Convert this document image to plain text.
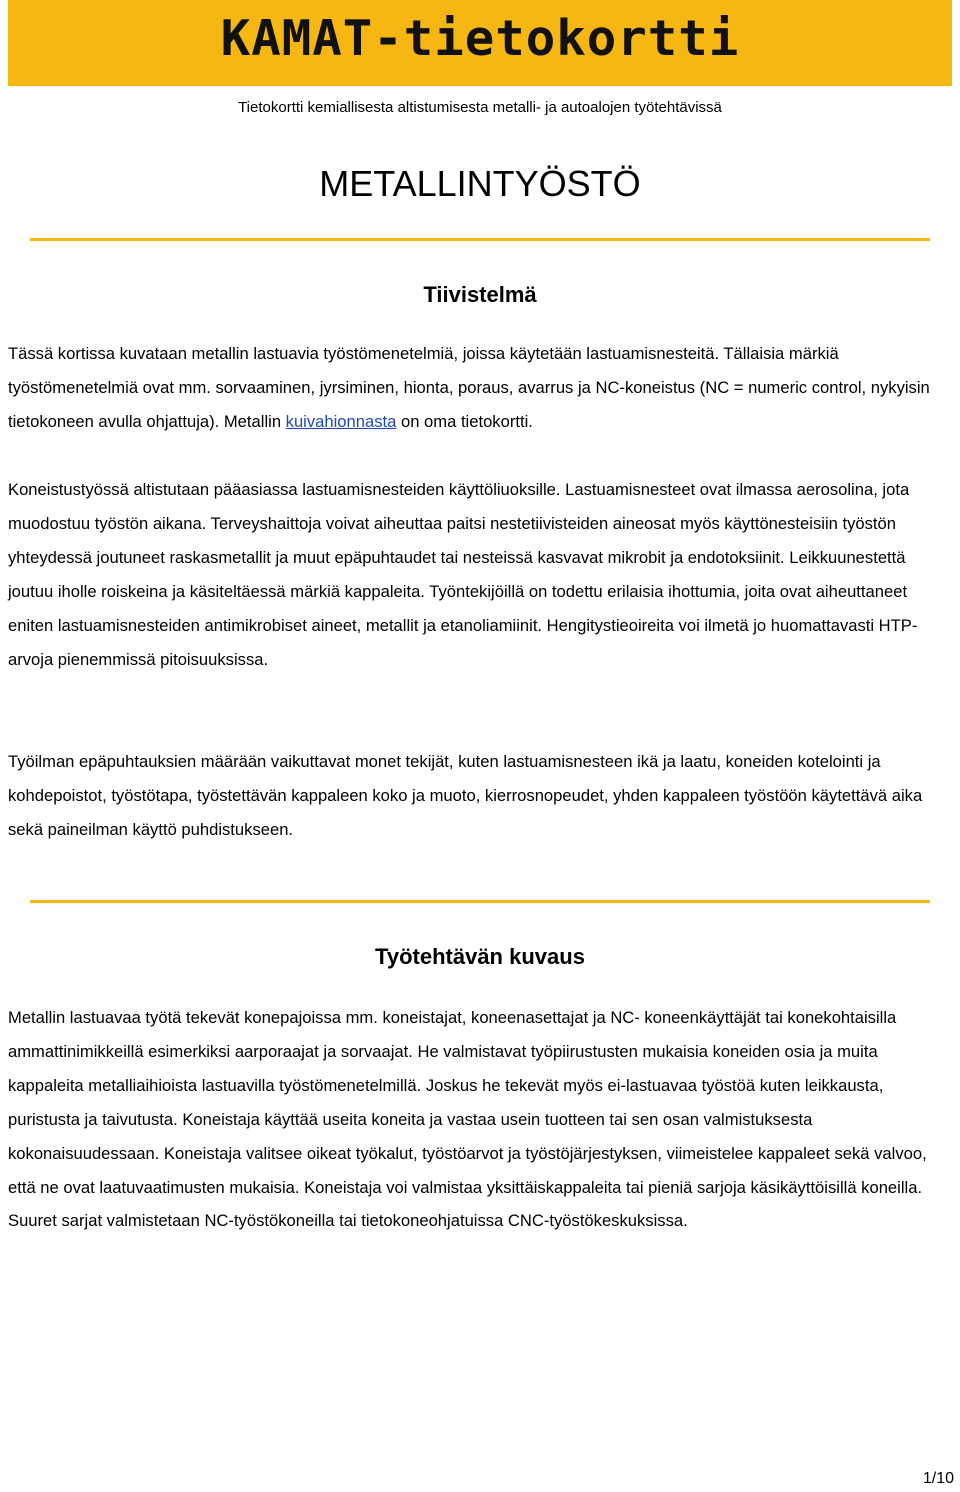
KAMAT-tietokortti
Tietokortti kemiallisesta altistumisesta metalli- ja autoalojen työtehtävissä
METALLINTYÖSTÖ
Tiivistelmä

Tässä kortissa kuvataan metallin lastuavia työstömenetelmiä, joissa käytetään lastuamisnesteitä. Tällaisia märkiä työstömenetelmiä ovat mm. sorvaaminen, jyrsiminen, hionta, poraus, avarrus ja NC-koneistus (NC = numeric control, nykyisin tietokoneen avulla ohjattuja). Metallin kuivahionnasta on oma tietokortti.

Koneistustyössä altistutaan pääasiassa lastuamisnesteiden käyttöliuoksille. Lastuamisnesteet ovat ilmassa aerosolina, jota muodostuu työstön aikana. Terveyshaittoja voivat aiheuttaa paitsi nestetiivisteiden aineosat myös käyttönesteisiin työstön yhteydessä joutuneet raskasmetallit ja muut epäpuhtaudet tai nesteissä kasvavat mikrobit ja endotoksiinit. Leikkuunestettä joutuu iholle roiskeina ja käsiteltäessä märkiä kappaleita. Työntekijöillä on todettu erilaisia ihottumia, joita ovat aiheuttaneet eniten lastuamisnesteiden antimikrobiset aineet, metallit ja etanoliamiinit. Hengitystieoireita voi ilmetä jo huomattavasti HTP-arvoja pienemmissä pitoisuuksissa.

Työilman epäpuhtauksien määrään vaikuttavat monet tekijät, kuten lastuamisnesteen ikä ja laatu, koneiden kotelointi ja kohdepoistot, työstötapa, työstettävän kappaleen koko ja muoto, kierrosnopeudet, yhden kappaleen työstöön käytettävä aika sekä paineilman käyttö puhdistukseen.

Työtehtävän kuvaus

Metallin lastuavaa työtä tekevät konepajoissa mm. koneistajat, koneenasettajat ja NC- koneenkäyttäjät tai konekohtaisilla ammattinimikkeillä esimerkiksi aarporaajat ja sorvaajat. He valmistavat työpiirustusten mukaisia koneiden osia ja muita kappaleita metalliaihioista lastuavilla työstömenetelmillä. Joskus he tekevät myös ei-lastuavaa työstöä kuten leikkausta, puristusta ja taivutusta. Koneistaja käyttää useita koneita ja vastaa usein tuotteen tai sen osan valmistuksesta kokonaisuudessaan. Koneistaja valitsee oikeat työkalut, työstöarvot ja työstöjärjestyksen, viimeistelee kappaleet sekä valvoo, että ne ovat laatuvaatimusten mukaisia. Koneistaja voi valmistaa yksittäiskappaleita tai pieniä sarjoja käsikäyttöisillä koneilla. Suuret sarjat valmistetaan NC-työstökoneilla tai tietokoneohjatuissa CNC-työstökeskuksissa.

1/10
